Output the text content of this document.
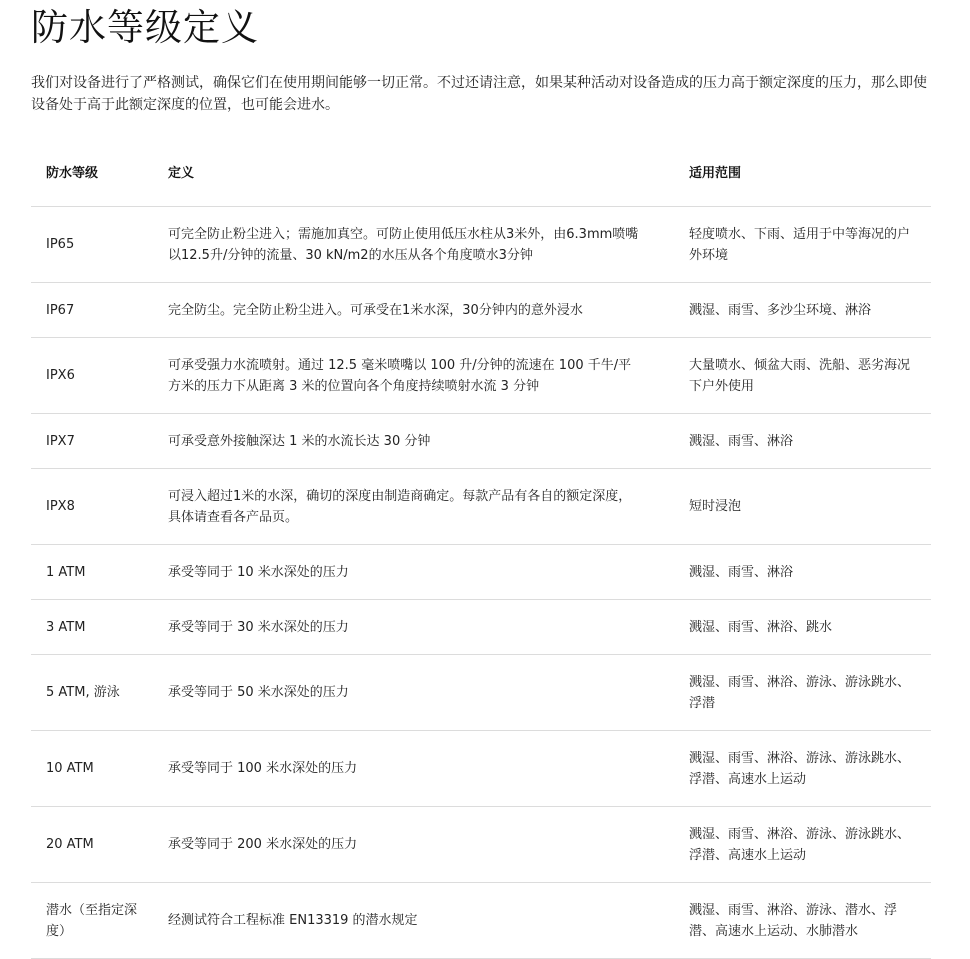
防水等级定义

我们对设备进行了严格测试，确保它们在使用期间能够一切正常。不过还请注意，如果某种活动对设备造成的压力高于额定深度的压力，那么即使设备处于高于此额定深度的位置，也可能会进水。

防水等级	定义	适用范围
IP65	可完全防止粉尘进入；需施加真空。可防止使用低压水柱从3米外，由6.3mm喷嘴以12.5升/分钟的流量、30 kN/m2的水压从各个角度喷水3分钟	轻度喷水、下雨、适用于中等海况的户外环境
IP67	完全防尘。完全防止粉尘进入。可承受在1米水深，30分钟内的意外浸水	溅湿、雨雪、多沙尘环境、淋浴
IPX6	可承受强力水流喷射。通过 12.5 毫米喷嘴以 100 升/分钟的流速在 100 千牛/平方米的压力下从距离 3 米的位置向各个角度持续喷射水流 3 分钟	大量喷水、倾盆大雨、洗船、恶劣海况下户外使用
IPX7	可承受意外接触深达 1 米的水流长达 30 分钟	溅湿、雨雪、淋浴
IPX8	可浸入超过1米的水深，确切的深度由制造商确定。每款产品有各自的额定深度，具体请查看各产品页。	短时浸泡
1 ATM	承受等同于 10 米水深处的压力	溅湿、雨雪、淋浴
3 ATM	承受等同于 30 米水深处的压力	溅湿、雨雪、淋浴、跳水
5 ATM, 游泳	承受等同于 50 米水深处的压力	溅湿、雨雪、淋浴、游泳、游泳跳水、浮潜
10 ATM	承受等同于 100 米水深处的压力	溅湿、雨雪、淋浴、游泳、游泳跳水、浮潜、高速水上运动
20 ATM	承受等同于 200 米水深处的压力	溅湿、雨雪、淋浴、游泳、游泳跳水、浮潜、高速水上运动
潜水（至指定深度）	经测试符合工程标准 EN13319 的潜水规定	溅湿、雨雪、淋浴、游泳、潜水、浮潜、高速水上运动、水肺潜水
